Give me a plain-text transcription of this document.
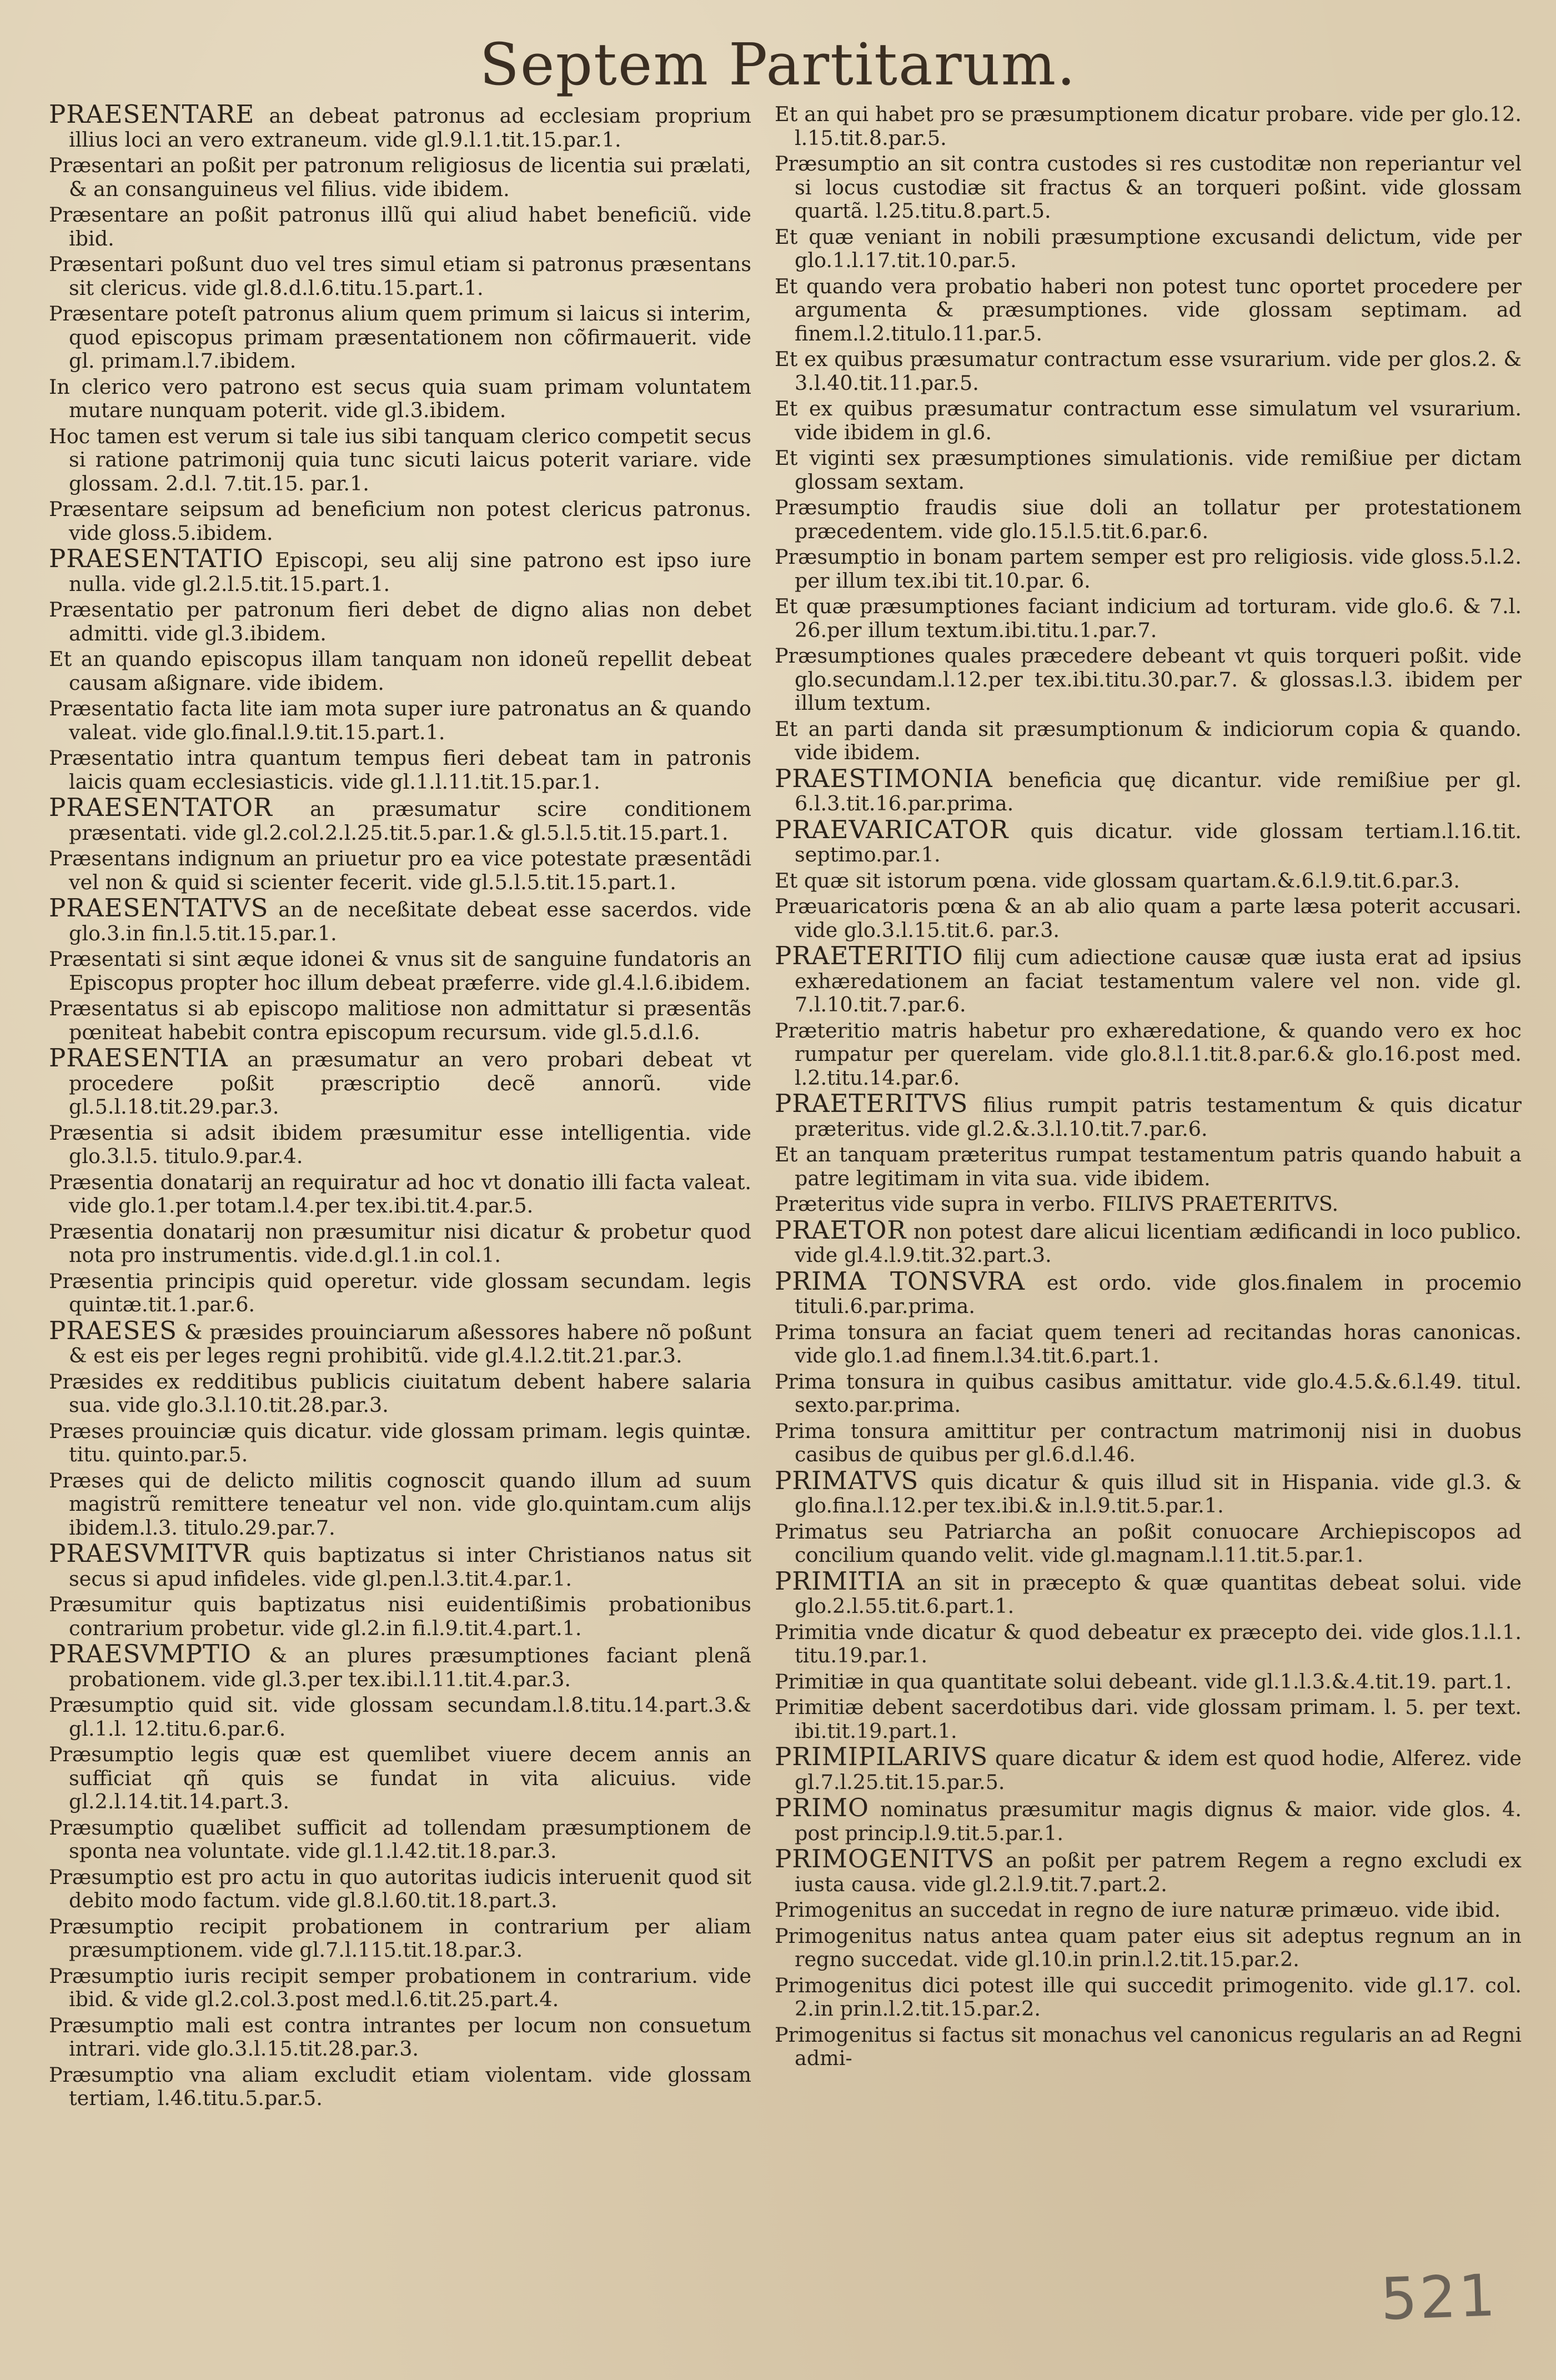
Septem Partitarum.

PRAESENTARE an debeat patronus ad ecclesiam proprium illius loci an vero extraneum. vide gl.9.l.1.tit.15.par.1.

Præsentari an poßit per patronum religiosus de licentia sui prælati, & an consanguineus vel filius. vide ibidem.

Præsentare an poßit patronus illũ qui aliud habet beneficiũ. vide ibid.

Præsentari poßunt duo vel tres simul etiam si patronus præsentans sit clericus. vide gl.8.d.l.6.titu.15.part.1.

Præsentare poteſt patronus alium quem primum si laicus si interim, quod episcopus primam præsentationem non cõfirmauerit. vide gl. primam.l.7.ibidem.

In clerico vero patrono est secus quia suam primam voluntatem mutare nunquam poterit. vide gl.3.ibidem.

Hoc tamen est verum si tale ius sibi tanquam clerico competit secus si ratione patrimonij quia tunc sicuti laicus poterit variare. vide glossam. 2.d.l. 7.tit.15. par.1.

Præsentare seipsum ad beneficium non potest clericus patronus. vide gloss.5.ibidem.

PRAESENTATIO Episcopi, seu alij sine patrono est ipso iure nulla. vide gl.2.l.5.tit.15.part.1.

Præsentatio per patronum fieri debet de digno alias non debet admitti. vide gl.3.ibidem.

Et an quando episcopus illam tanquam non idoneũ repellit debeat causam aßignare. vide ibidem.

Præsentatio facta lite iam mota super iure patronatus an & quando valeat. vide glo.final.l.9.tit.15.part.1.

Præsentatio intra quantum tempus fieri debeat tam in patronis laicis quam ecclesiasticis. vide gl.1.l.11.tit.15.par.1.

PRAESENTATOR an præsumatur scire conditionem præsentati. vide gl.2.col.2.l.25.tit.5.par.1.& gl.5.l.5.tit.15.part.1.

Præsentans indignum an priuetur pro ea vice potestate præsentãdi vel non & quid si scienter fecerit. vide gl.5.l.5.tit.15.part.1.

PRAESENTATVS an de neceßitate debeat esse sacerdos. vide glo.3.in fin.l.5.tit.15.par.1.

Præsentati si sint æque idonei & vnus sit de sanguine fundatoris an Episcopus propter hoc illum debeat præferre. vide gl.4.l.6.ibidem.

Præsentatus si ab episcopo malitiose non admittatur si præsentãs pœniteat habebit contra episcopum recursum. vide gl.5.d.l.6.

PRAESENTIA an præsumatur an vero probari debeat vt procedere poßit præscriptio decẽ annorũ. vide gl.5.l.18.tit.29.par.3.

Præsentia si adsit ibidem præsumitur esse intelligentia. vide glo.3.l.5. titulo.9.par.4.

Præsentia donatarij an requiratur ad hoc vt donatio illi facta valeat. vide glo.1.per totam.l.4.per tex.ibi.tit.4.par.5.

Præsentia donatarij non præsumitur nisi dicatur & probetur quod nota pro instrumentis. vide.d.gl.1.in col.1.

Præsentia principis quid operetur. vide glossam secundam. legis quintæ.tit.1.par.6.

PRAESES & præsides prouinciarum aßessores habere nõ poßunt & est eis per leges regni prohibitũ. vide gl.4.l.2.tit.21.par.3.

Præsides ex redditibus publicis ciuitatum debent habere salaria sua. vide glo.3.l.10.tit.28.par.3.

Præses prouinciæ quis dicatur. vide glossam primam. legis quintæ. titu. quinto.par.5.

Præses qui de delicto militis cognoscit quando illum ad suum magistrũ remittere teneatur vel non. vide glo.quintam.cum alijs ibidem.l.3. titulo.29.par.7.

PRAESVMITVR quis baptizatus si inter Christianos natus sit secus si apud infideles. vide gl.pen.l.3.tit.4.par.1.

Præsumitur quis baptizatus nisi euidentißimis probationibus contrarium probetur. vide gl.2.in fi.l.9.tit.4.part.1.

PRAESVMPTIO & an plures præsumptiones faciant plenã probationem. vide gl.3.per tex.ibi.l.11.tit.4.par.3.

Præsumptio quid sit. vide glossam secundam.l.8.titu.14.part.3.& gl.1.l. 12.titu.6.par.6.

Præsumptio legis quæ est quemlibet viuere decem annis an sufficiat qñ quis se fundat in vita alicuius. vide gl.2.l.14.tit.14.part.3.

Præsumptio quælibet sufficit ad tollendam præsumptionem de sponta nea voluntate. vide gl.1.l.42.tit.18.par.3.

Præsumptio est pro actu in quo autoritas iudicis interuenit quod sit debito modo factum. vide gl.8.l.60.tit.18.part.3.

Præsumptio recipit probationem in contrarium per aliam præsumptionem. vide gl.7.l.115.tit.18.par.3.

Præsumptio iuris recipit semper probationem in contrarium. vide ibid. & vide gl.2.col.3.post med.l.6.tit.25.part.4.

Præsumptio mali est contra intrantes per locum non consuetum intrari. vide glo.3.l.15.tit.28.par.3.

Præsumptio vna aliam excludit etiam violentam. vide glossam tertiam, l.46.titu.5.par.5.

Et an qui habet pro se præsumptionem dicatur probare. vide per glo.12. l.15.tit.8.par.5.

Præsumptio an sit contra custodes si res custoditæ non reperiantur vel si locus custodiæ sit fractus & an torqueri poßint. vide glossam quartã. l.25.titu.8.part.5.

Et quæ veniant in nobili præsumptione excusandi delictum, vide per glo.1.l.17.tit.10.par.5.

Et quando vera probatio haberi non potest tunc oportet procedere per argumenta & præsumptiones. vide glossam septimam. ad finem.l.2.titulo.11.par.5.

Et ex quibus præsumatur contractum esse vsurarium. vide per glos.2. & 3.l.40.tit.11.par.5.

Et ex quibus præsumatur contractum esse simulatum vel vsurarium. vide ibidem in gl.6.

Et viginti sex præsumptiones simulationis. vide remißiue per dictam glossam sextam.

Præsumptio fraudis siue doli an tollatur per protestationem præcedentem. vide glo.15.l.5.tit.6.par.6.

Præsumptio in bonam partem semper est pro religiosis. vide gloss.5.l.2. per illum tex.ibi tit.10.par. 6.

Et quæ præsumptiones faciant indicium ad torturam. vide glo.6. & 7.l. 26.per illum textum.ibi.titu.1.par.7.

Præsumptiones quales præcedere debeant vt quis torqueri poßit. vide glo.secundam.l.12.per tex.ibi.titu.30.par.7. & glossas.l.3. ibidem per illum textum.

Et an parti danda sit præsumptionum & indiciorum copia & quando. vide ibidem.

PRAESTIMONIA beneficia quę dicantur. vide remißiue per gl. 6.l.3.tit.16.par.prima.

PRAEVARICATOR quis dicatur. vide glossam tertiam.l.16.tit. septimo.par.1.

Et quæ sit istorum pœna. vide glossam quartam.&.6.l.9.tit.6.par.3.

Præuaricatoris pœna & an ab alio quam a parte læsa poterit accusari. vide glo.3.l.15.tit.6. par.3.

PRAETERITIO filij cum adiectione causæ quæ iusta erat ad ipsius exhæredationem an faciat testamentum valere vel non. vide gl. 7.l.10.tit.7.par.6.

Præteritio matris habetur pro exhæredatione, & quando vero ex hoc rumpatur per querelam. vide glo.8.l.1.tit.8.par.6.& glo.16.post med. l.2.titu.14.par.6.

PRAETERITVS filius rumpit patris testamentum & quis dicatur præteritus. vide gl.2.&.3.l.10.tit.7.par.6.

Et an tanquam præteritus rumpat testamentum patris quando habuit a patre legitimam in vita sua. vide ibidem.

Præteritus vide supra in verbo. FILIVS PRAETERITVS.

PRAETOR non potest dare alicui licentiam ædificandi in loco publico. vide gl.4.l.9.tit.32.part.3.

PRIMA TONSVRA est ordo. vide glos.finalem in procemio tituli.6.par.prima.

Prima tonsura an faciat quem teneri ad recitandas horas canonicas. vide glo.1.ad finem.l.34.tit.6.part.1.

Prima tonsura in quibus casibus amittatur. vide glo.4.5.&.6.l.49. titul. sexto.par.prima.

Prima tonsura amittitur per contractum matrimonij nisi in duobus casibus de quibus per gl.6.d.l.46.

PRIMATVS quis dicatur & quis illud sit in Hispania. vide gl.3. & glo.fina.l.12.per tex.ibi.& in.l.9.tit.5.par.1.

Primatus seu Patriarcha an poßit conuocare Archiepiscopos ad concilium quando velit. vide gl.magnam.l.11.tit.5.par.1.

PRIMITIA an sit in præcepto & quæ quantitas debeat solui. vide glo.2.l.55.tit.6.part.1.

Primitia vnde dicatur & quod debeatur ex præcepto dei. vide glos.1.l.1. titu.19.par.1.

Primitiæ in qua quantitate solui debeant. vide gl.1.l.3.&.4.tit.19. part.1.

Primitiæ debent sacerdotibus dari. vide glossam primam. l. 5. per text. ibi.tit.19.part.1.

PRIMIPILARIVS quare dicatur & idem est quod hodie, Alferez. vide gl.7.l.25.tit.15.par.5.

PRIMO nominatus præsumitur magis dignus & maior. vide glos. 4. post princip.l.9.tit.5.par.1.

PRIMOGENITVS an poßit per patrem Regem a regno excludi ex iusta causa. vide gl.2.l.9.tit.7.part.2.

Primogenitus an succedat in regno de iure naturæ primæuo. vide ibid.

Primogenitus natus antea quam pater eius sit adeptus regnum an in regno succedat. vide gl.10.in prin.l.2.tit.15.par.2.

Primogenitus dici potest ille qui succedit primogenito. vide gl.17. col. 2.in prin.l.2.tit.15.par.2.

Primogenitus si factus sit monachus vel canonicus regularis an ad Regni admi-

521
